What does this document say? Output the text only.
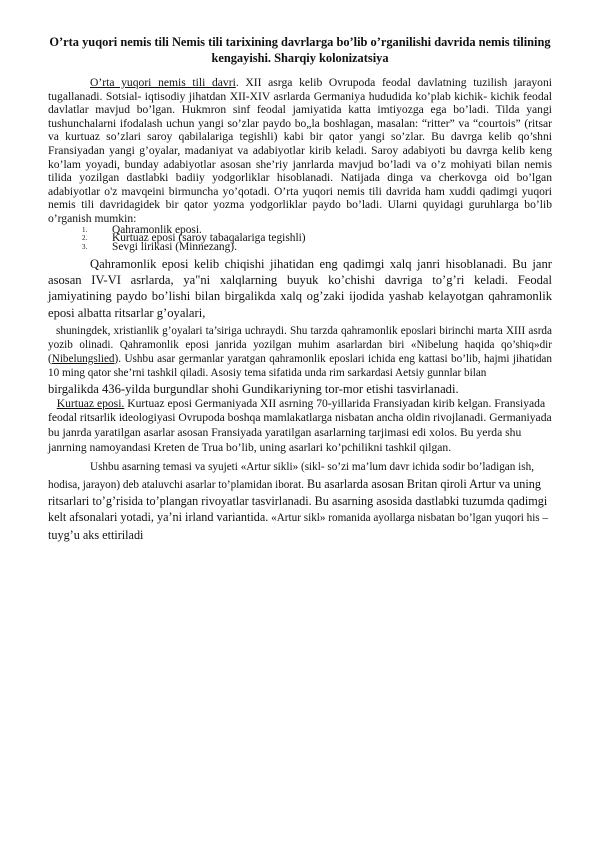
O’rta yuqori nemis tili Nemis tili tarixining davrlarga bo’lib o’rganilishi davrida nemis tilining kengayishi. Sharqiy kolonizatsiya

O’rta yuqori nemis tili davri. XII asrga kelib Ovrupoda feodal davlatning tuzilish jarayoni tugallanadi. Sotsial- iqtisodiy jihatdan XII-XIV asrlarda Germaniya hududida ko’plab kichik- kichik feodal davlatlar mavjud bo’lgan. Hukmron sinf feodal jamiyatida katta imtiyozga ega bo’ladi. Tilda yangi tushunchalarni ifodalash uchun yangi so’zlar paydo bo„la boshlagan, masalan: “ritter” va “courtois” (ritsar va kurtuaz so’zlari saroy qabilalariga tegishli) kabi bir qator yangi so’zlar. Bu davrga kelib qo’shni Fransiyadan yangi g’oyalar, madaniyat va adabiyotlar kirib keladi. Saroy adabiyoti bu davrga kelib keng ko’lam yoyadi, bunday adabiyotlar asosan she’riy janrlarda mavjud bo’ladi va o’z mohiyati bilan nemis tilida yozilgan dastlabki badiiy yodgorliklar hisoblanadi. Natijada dinga va cherkovga oid bo’lgan adabiyotlar o'z mavqeini birmuncha yo’qotadi. O’rta yuqori nemis tili davrida ham xuddi qadimgi yuqori nemis tili davridagidek bir qator yozma yodgorliklar paydo bo’ladi. Ularni quyidagi guruhlarga bo’lib o’rganish mumkin:

1. Qahramonlik eposi.
2. Kurtuaz eposi (saroy tabaqalariga tegishli)
3. Sevgi lirikasi (Minnezang).

Qahramonlik eposi kelib chiqishi jihatidan eng qadimgi xalq janri hisoblanadi. Bu janr asosan IV-VI asrlarda, ya"ni xalqlarning buyuk ko’chishi davriga to’g’ri keladi. Feodal jamiyatining paydo bo’lishi bilan birgalikda xalq og’zaki ijodida yashab kelayotgan qahramonlik eposi albatta ritsarlar g’oyalari,

shuningdek, xristianlik g’oyalari ta’siriga uchraydi. Shu tarzda qahramonlik eposlari birinchi marta XIII asrda yozib olinadi. Qahramonlik eposi janrida yozilgan muhim asarlardan biri «Nibelung haqida qo’shiq»dir (Nibelungslied). Ushbu asar germanlar yaratgan qahramonlik eposlari ichida eng kattasi bo’lib, hajmi jihatidan 10 ming qator she’rni tashkil qiladi. Asosiy tema sifatida unda rim sarkardasi Aetsiy gunnlar bilan

birgalikda 436-yilda burgundlar shohi Gundikariyning tor-mor etishi tasvirlanadi.

Kurtuaz eposi. Kurtuaz eposi Germaniyada XII asrning 70-yillarida Fransiyadan kirib kelgan. Fransiyada feodal ritsarlik ideologiyasi Ovrupoda boshqa mamlakatlarga nisbatan ancha oldin rivojlanadi. Germaniyada bu janrda yaratilgan asarlar asosan Fransiyada yaratilgan asarlarning tarjimasi edi xolos. Bu yerda shu janrning namoyandasi Kreten de Trua bo’lib, uning asarlari ko’pchilikni tashkil qilgan.

Ushbu asarning temasi va syujeti «Artur sikli» (sikl- so’zi ma’lum davr ichida sodir bo’ladigan ish, hodisa, jarayon) deb ataluvchi asarlar to’plamidan iborat. Bu asarlarda asosan Britan qiroli Artur va uning ritsarlari to’g’risida to’plangan rivoyatlar tasvirlanadi. Bu asarning asosida dastlabki tuzumda qadimgi kelt afsonalari yotadi, ya’ni irland variantida. «Artur sikl» romanida ayollarga nisbatan bo’lgan yuqori his – tuyg’u aks ettiriladi
